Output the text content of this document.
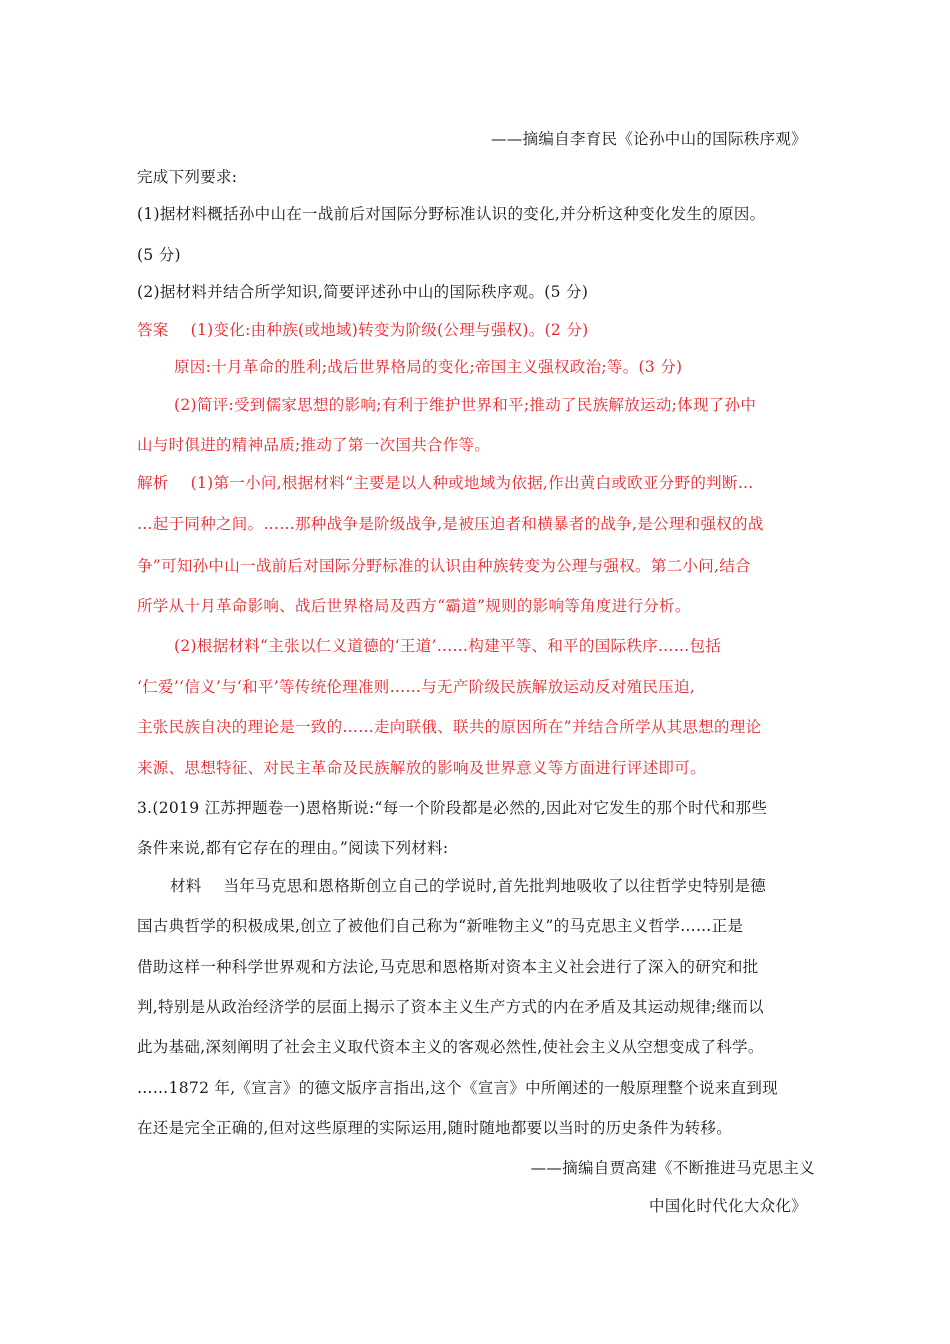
——摘编自李育民《论孙中山的国际秩序观》
完成下列要求:
(1)据材料概括孙中山在一战前后对国际分野标准认识的变化,并分析这种变化发生的原因。
(5 分)
(2)据材料并结合所学知识,简要评述孙中山的国际秩序观。(5 分)
答案 (1)变化:由种族(或地域)转变为阶级(公理与强权)。(2 分)
原因:十月革命的胜利;战后世界格局的变化;帝国主义强权政治;等。(3 分)
(2)简评:受到儒家思想的影响;有利于维护世界和平;推动了民族解放运动;体现了孙中
山与时俱进的精神品质;推动了第一次国共合作等。
解析 (1)第一小问,根据材料“主要是以人种或地域为依据,作出黄白或欧亚分野的判断…
…起于同种之间。……那种战争是阶级战争,是被压迫者和横暴者的战争,是公理和强权的战
争”可知孙中山一战前后对国际分野标准的认识由种族转变为公理与强权。第二小问,结合
所学从十月革命影响、战后世界格局及西方“霸道”规则的影响等角度进行分析。
(2)根据材料“主张以仁义道德的‘王道’……构建平等、和平的国际秩序……包括
‘仁爱’‘信义’与‘和平’等传统伦理准则……与无产阶级民族解放运动反对殖民压迫,
主张民族自决的理论是一致的……走向联俄、联共的原因所在”并结合所学从其思想的理论
来源、思想特征、对民主革命及民族解放的影响及世界意义等方面进行评述即可。
3.(2019 江苏押题卷一)恩格斯说:“每一个阶段都是必然的,因此对它发生的那个时代和那些
条件来说,都有它存在的理由。”阅读下列材料:
材料 当年马克思和恩格斯创立自己的学说时,首先批判地吸收了以往哲学史特别是德
国古典哲学的积极成果,创立了被他们自己称为“新唯物主义”的马克思主义哲学……正是
借助这样一种科学世界观和方法论,马克思和恩格斯对资本主义社会进行了深入的研究和批
判,特别是从政治经济学的层面上揭示了资本主义生产方式的内在矛盾及其运动规律;继而以
此为基础,深刻阐明了社会主义取代资本主义的客观必然性,使社会主义从空想变成了科学。
……1872 年,《宣言》的德文版序言指出,这个《宣言》中所阐述的一般原理整个说来直到现
在还是完全正确的,但对这些原理的实际运用,随时随地都要以当时的历史条件为转移。
——摘编自贾高建《不断推进马克思主义
中国化时代化大众化》
